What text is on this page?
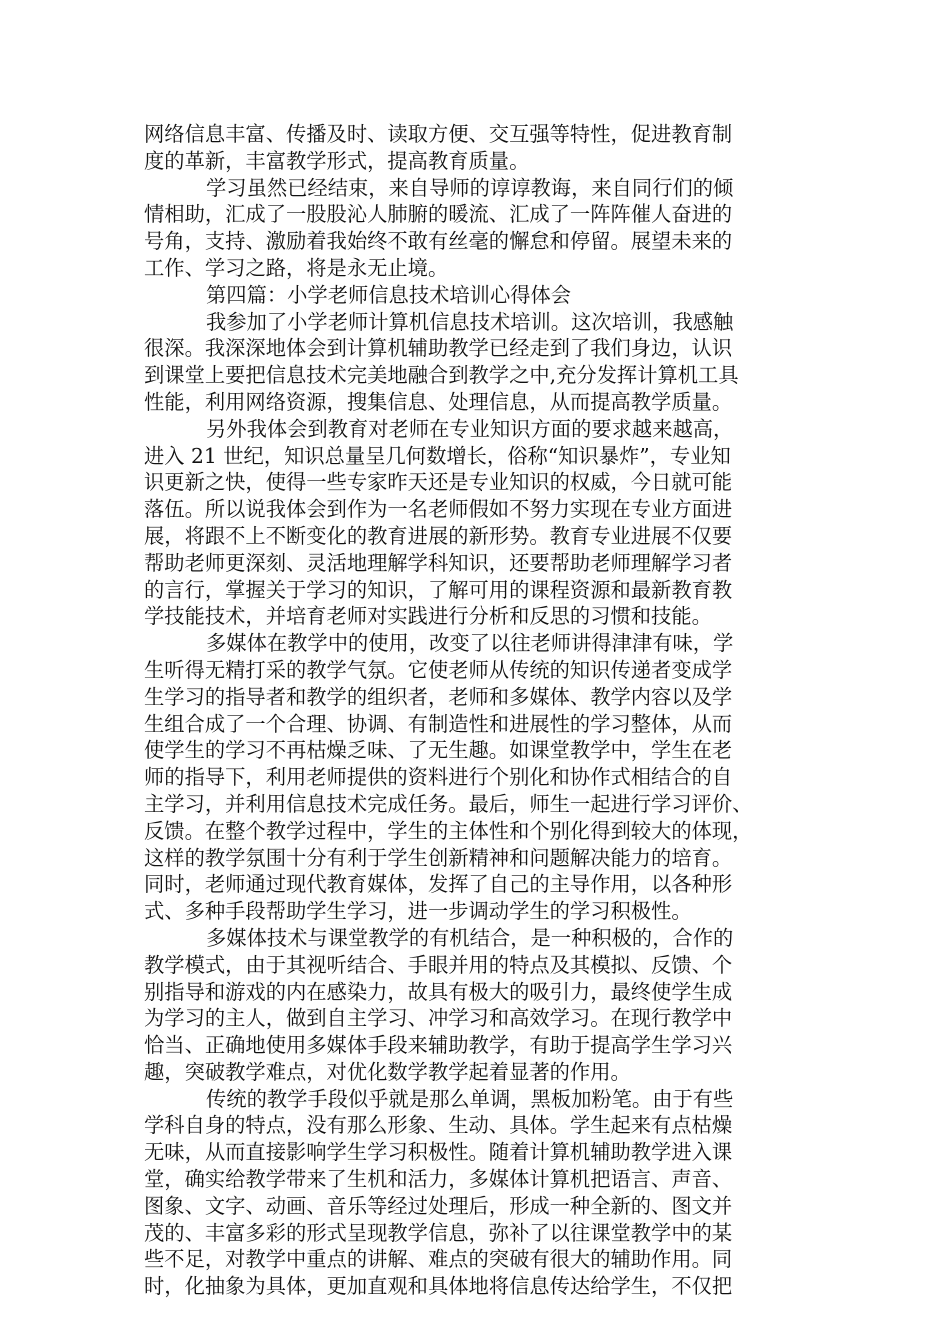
网络信息丰富、传播及时、读取方便、交互强等特性，促进教育制
度的革新，丰富教学形式，提高教育质量。
学习虽然已经结束，来自导师的谆谆教诲，来自同行们的倾
情相助，汇成了一股股沁人肺腑的暖流、汇成了一阵阵催人奋进的
号角，支持、激励着我始终不敢有丝毫的懈怠和停留。展望未来的
工作、学习之路，将是永无止境。
第四篇：小学老师信息技术培训心得体会
我参加了小学老师计算机信息技术培训。这次培训，我感触
很深。我深深地体会到计算机辅助教学已经走到了我们身边，认识
到课堂上要把信息技术完美地融合到教学之中,充分发挥计算机工具
性能，利用网络资源，搜集信息、处理信息，从而提高教学质量。
另外我体会到教育对老师在专业知识方面的要求越来越高，
进入 21 世纪，知识总量呈几何数增长，俗称“知识暴炸”，专业知
识更新之快，使得一些专家昨天还是专业知识的权威，今日就可能
落伍。所以说我体会到作为一名老师假如不努力实现在专业方面进
展，将跟不上不断变化的教育进展的新形势。教育专业进展不仅要
帮助老师更深刻、灵活地理解学科知识，还要帮助老师理解学习者
的言行，掌握关于学习的知识，了解可用的课程资源和最新教育教
学技能技术，并培育老师对实践进行分析和反思的习惯和技能。
多媒体在教学中的使用，改变了以往老师讲得津津有味，学
生听得无精打采的教学气氛。它使老师从传统的知识传递者变成学
生学习的指导者和教学的组织者，老师和多媒体、教学内容以及学
生组合成了一个合理、协调、有制造性和进展性的学习整体，从而
使学生的学习不再枯燥乏味、了无生趣。如课堂教学中，学生在老
师的指导下，利用老师提供的资料进行个别化和协作式相结合的自
主学习，并利用信息技术完成任务。最后，师生一起进行学习评价、
反馈。在整个教学过程中，学生的主体性和个别化得到较大的体现，
这样的教学氛围十分有利于学生创新精神和问题解决能力的培育。
同时，老师通过现代教育媒体，发挥了自己的主导作用，以各种形
式、多种手段帮助学生学习，进一步调动学生的学习积极性。
多媒体技术与课堂教学的有机结合，是一种积极的，合作的
教学模式，由于其视听结合、手眼并用的特点及其模拟、反馈、个
别指导和游戏的内在感染力，故具有极大的吸引力，最终使学生成
为学习的主人，做到自主学习、冲学习和高效学习。在现行教学中
恰当、正确地使用多媒体手段来辅助教学，有助于提高学生学习兴
趣，突破教学难点，对优化数学教学起着显著的作用。
传统的教学手段似乎就是那么单调，黑板加粉笔。由于有些
学科自身的特点，没有那么形象、生动、具体。学生起来有点枯燥
无味，从而直接影响学生学习积极性。随着计算机辅助教学进入课
堂，确实给教学带来了生机和活力，多媒体计算机把语言、声音、
图象、文字、动画、音乐等经过处理后，形成一种全新的、图文并
茂的、丰富多彩的形式呈现教学信息，弥补了以往课堂教学中的某
些不足，对教学中重点的讲解、难点的突破有很大的辅助作用。同
时，化抽象为具体，更加直观和具体地将信息传达给学生，不仅把
